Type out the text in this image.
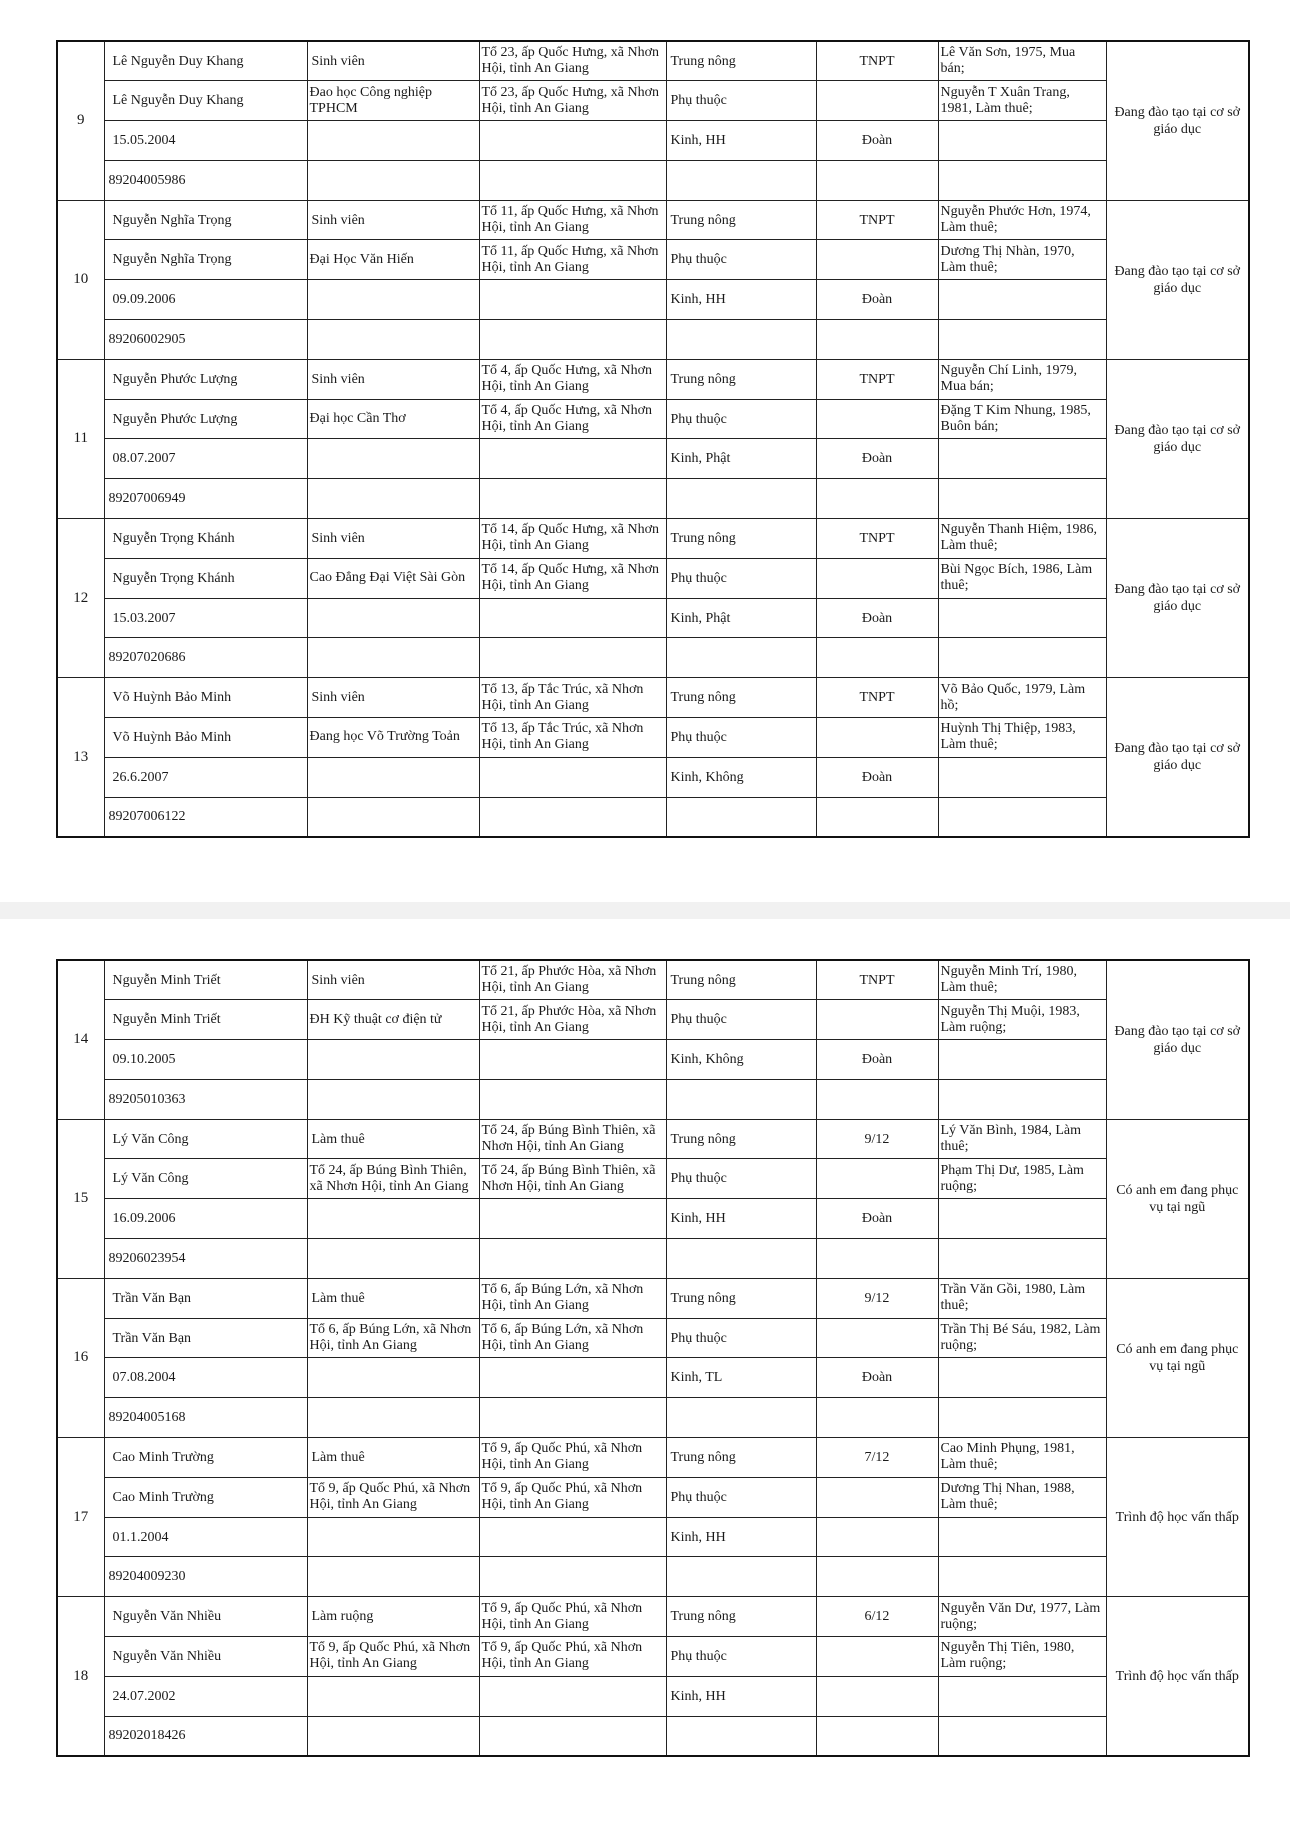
9	Lê Nguyễn Duy Khang	Sinh viên	Tổ 23, ấp Quốc Hưng, xã Nhơn Hội, tỉnh An Giang	Trung nông	TNPT	Lê Văn Sơn, 1975, Mua bán;	Đang đào tạo tại cơ sở giáo dục
	Lê Nguyễn Duy Khang	Đao học Công nghiệp TPHCM	Tổ 23, ấp Quốc Hưng, xã Nhơn Hội, tỉnh An Giang	Phụ thuộc		Nguyễn T Xuân Trang, 1981, Làm thuê;	
	15.05.2004			Kinh, HH	Đoàn		
	89204005986						
10	Nguyễn Nghĩa Trọng	Sinh viên	Tổ 11, ấp Quốc Hưng, xã Nhơn Hội, tỉnh An Giang	Trung nông	TNPT	Nguyễn Phước Hơn, 1974, Làm thuê;	Đang đào tạo tại cơ sở giáo dục
	Nguyễn Nghĩa Trọng	Đại Học Văn Hiến	Tổ 11, ấp Quốc Hưng, xã Nhơn Hội, tỉnh An Giang	Phụ thuộc		Dương Thị Nhàn, 1970, Làm thuê;	
	09.09.2006			Kinh, HH	Đoàn		
	89206002905						
11	Nguyễn Phước Lượng	Sinh viên	Tổ 4, ấp Quốc Hưng, xã Nhơn Hội, tỉnh An Giang	Trung nông	TNPT	Nguyễn Chí Linh, 1979, Mua bán;	Đang đào tạo tại cơ sở giáo dục
	Nguyễn Phước Lượng	Đại học Cần Thơ	Tổ 4, ấp Quốc Hưng, xã Nhơn Hội, tỉnh An Giang	Phụ thuộc		Đặng T Kim Nhung, 1985, Buôn bán;	
	08.07.2007			Kinh, Phật	Đoàn		
	89207006949						
12	Nguyễn Trọng Khánh	Sinh viên	Tổ 14, ấp Quốc Hưng, xã Nhơn Hội, tỉnh An Giang	Trung nông	TNPT	Nguyễn Thanh Hiệm, 1986, Làm thuê;	Đang đào tạo tại cơ sở giáo dục
	Nguyễn Trọng Khánh	Cao Đẳng Đại Việt Sài Gòn	Tổ 14, ấp Quốc Hưng, xã Nhơn Hội, tỉnh An Giang	Phụ thuộc		Bùi Ngọc Bích, 1986, Làm thuê;	
	15.03.2007			Kinh, Phật	Đoàn		
	89207020686						
13	Võ Huỳnh Bảo Minh	Sinh viên	Tổ 13, ấp Tắc Trúc, xã Nhơn Hội, tỉnh An Giang	Trung nông	TNPT	Võ Bảo Quốc, 1979, Làm hồ;	Đang đào tạo tại cơ sở giáo dục
	Võ Huỳnh Bảo Minh	Đang học Võ Trường Toản	Tổ 13, ấp Tắc Trúc, xã Nhơn Hội, tỉnh An Giang	Phụ thuộc		Huỳnh Thị Thiệp, 1983, Làm thuê;	
	26.6.2007			Kinh, Không	Đoàn		
	89207006122						
14	Nguyễn Minh Triết	Sinh viên	Tổ 21, ấp Phước Hòa, xã Nhơn Hội, tỉnh An Giang	Trung nông	TNPT	Nguyễn Minh Trí, 1980, Làm thuê;	Đang đào tạo tại cơ sở giáo dục
	Nguyễn Minh Triết	ĐH Kỹ thuật cơ điện tử	Tổ 21, ấp Phước Hòa, xã Nhơn Hội, tỉnh An Giang	Phụ thuộc		Nguyễn Thị Muội, 1983, Làm ruộng;	
	09.10.2005			Kinh, Không	Đoàn		
	89205010363						
15	Lý Văn Công	Làm thuê	Tổ 24, ấp Búng Bình Thiên, xã Nhơn Hội, tỉnh An Giang	Trung nông	9/12	Lý Văn Bình, 1984, Làm thuê;	Có anh em đang phục vụ tại ngũ
	Lý Văn Công	Tổ 24, ấp Búng Bình Thiên, xã Nhơn Hội, tỉnh An Giang	Tổ 24, ấp Búng Bình Thiên, xã Nhơn Hội, tỉnh An Giang	Phụ thuộc		Phạm Thị Dư, 1985, Làm ruộng;	
	16.09.2006			Kinh, HH	Đoàn		
	89206023954						
16	Trần Văn Bạn	Làm thuê	Tổ 6, ấp Búng Lớn, xã Nhơn Hội, tỉnh An Giang	Trung nông	9/12	Trần Văn Gồi, 1980, Làm thuê;	Có anh em đang phục vụ tại ngũ
	Trần Văn Bạn	Tổ 6, ấp Búng Lớn, xã Nhơn Hội, tỉnh An Giang	Tổ 6, ấp Búng Lớn, xã Nhơn Hội, tỉnh An Giang	Phụ thuộc		Trần Thị Bé Sáu, 1982, Làm ruộng;	
	07.08.2004			Kinh, TL	Đoàn		
	89204005168						
17	Cao Minh Trường	Làm thuê	Tổ 9, ấp Quốc Phú, xã Nhơn Hội, tỉnh An Giang	Trung nông	7/12	Cao Minh Phụng, 1981, Làm thuê;	Trình độ học vấn thấp
	Cao Minh Trường	Tổ 9, ấp Quốc Phú, xã Nhơn Hội, tỉnh An Giang	Tổ 9, ấp Quốc Phú, xã Nhơn Hội, tỉnh An Giang	Phụ thuộc		Dương Thị Nhan, 1988, Làm thuê;	
	01.1.2004			Kinh, HH			
	89204009230						
18	Nguyễn Văn Nhiều	Làm ruộng	Tổ 9, ấp Quốc Phú, xã Nhơn Hội, tỉnh An Giang	Trung nông	6/12	Nguyễn Văn Dư, 1977, Làm ruộng;	Trình độ học vấn thấp
	Nguyễn Văn Nhiều	Tổ 9, ấp Quốc Phú, xã Nhơn Hội, tỉnh An Giang	Tổ 9, ấp Quốc Phú, xã Nhơn Hội, tỉnh An Giang	Phụ thuộc		Nguyễn Thị Tiên, 1980, Làm ruộng;	
	24.07.2002			Kinh, HH			
	89202018426						
